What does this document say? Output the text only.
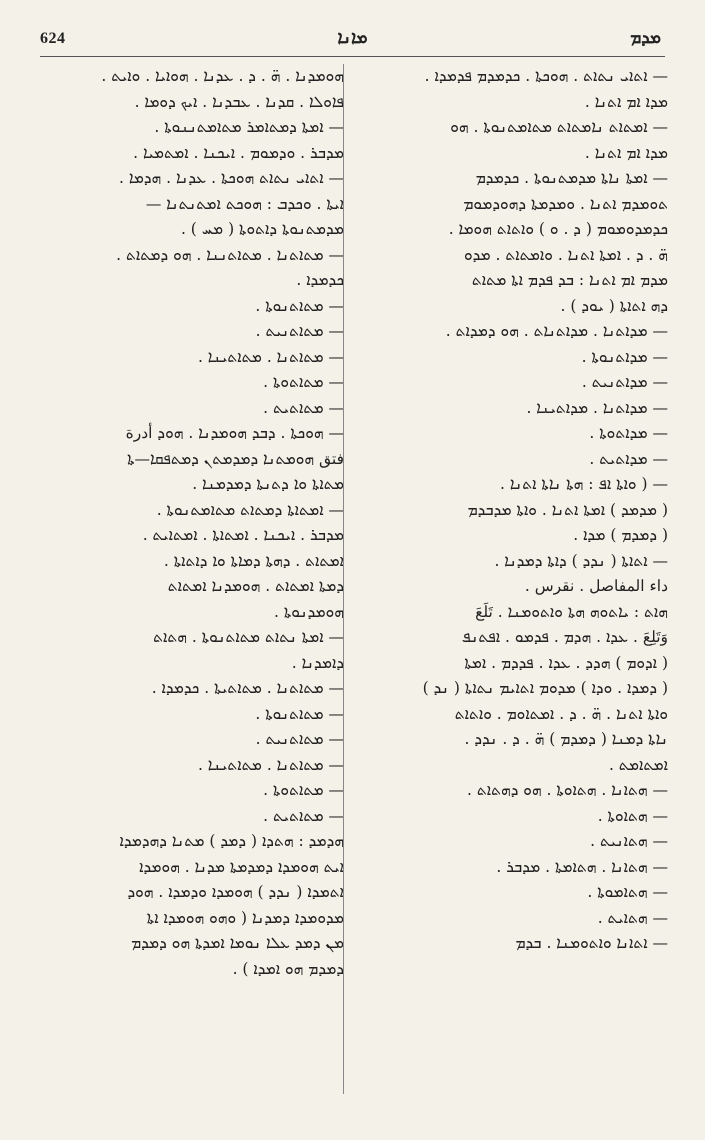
624	ܡܐܢܐ	ܡܕܡ
ܗܘܡܕܢܐ . ܗ̈ . ܕ . ܥܕܢܐ . ܗܘܐܝܐ . ܘܐܝܬ .
ܦܐܘܠܐ . ܩܕܢܐ . ܥܒܕܢܐ . ܐܝܟ ܕܘܡܐ .
— ܐܡܬܐ ܕܡܬܐܡܪ ܡܬܐܡܬܢܢܘܬܐ .
ܡܕܒܪ . ܘܕܡܘܡ . ܐܝܟܢܐ . ܐܡܬܡܝܐ .
— ܐܬܐܝ ܢܬܐܬ ܗܘܟܬܐ . ܥܕܢܐ . ܗܕܡܐ .
ܐܝܬܐ . ܘܟܕܒ : ܗܘܟܬ ܐܡܬܢܬܢܐ —
ܡܕܡܬܢܘܬܐ ܕܐܬܘܬܐ ( ܡܚ ) .
— ܡܬܐܬܢܐ . ܡܬܐܬܢܢܐ . ܗܘ ܕܡܬܐܬ .
ܟܕܡܕܐ .
— ܡܬܐܬܢܘܬܐ .
— ܡܬܐܬܢܝܬ .
— ܡܬܐܬܢܐ . ܡܬܐܬܝܢܐ .
— ܡܬܐܬܘܬܐ .
— ܡܬܐܬܝܬ .
— ܗܘܟܬܐ . ܕܒܕ ܗܘܡܕܢܐ . ܗܘܕ أدرة
فتق ܗܘܡܬܢܐ ܕܡܕܡܬܢ ܕܡܬܦܩܐ—ܬܐ
ܡܬܐܬܐ ܘܐ ܕܬܢܬܐ ܕܡܕܡܢܐ .
— ܐܡܬܐܬܐ ܕܡܬܐܬ ܡܬܐܡܬܢܘܬܐ .
ܡܕܒܪ . ܐܝܟܢܐ . ܐܡܬܐܬܐ . ܐܡܬܐܝܬ .
ܐܡܬܐܬ . ܕܗܬܐ ܕܡܐܬܐ ܘܐ ܕܐܬܐܬܐ .
ܕܡܬܐ ܐܡܬܐܬ . ܗܘܡܕܢܐ ܐܡܬܐܬ
ܗܘܡܕܢܘܬܐ .
— ܐܡܬܐ ܢܬܐܬ ܡܬܐܬܢܘܬܐ . ܗܬܐܬ
ܕܐܡܕܢܐ .
— ܡܬܐܬܢܐ . ܡܬܐܬܝܬܐ . ܟܕܡܕܐ .
— ܡܬܐܬܢܘܬܐ .
— ܡܬܐܬܢܝܬ .
— ܡܬܐܬܢܐ . ܡܬܐܬܝܢܐ .
— ܡܬܐܬܘܬܐ .
— ܡܬܐܬܝܬ .
ܗܕܡܕ : ܗܬܕܐ ( ܕܡܕ ) ܡܬܢܐ ܕܗܕܡܕܐ
ܐܝܬ ܗܘܡܕܐ ܕܡܕܡܬܐ ܡܕܢܐ . ܗܘܡܕܐ
ܐܬܡܕܐ ( ܢܕܕ ) ܗܘܡܕܐ ܘܕܡܕܐ . ܗܘܕ
ܡܕܘܡܕܐ ܕܡܕܢܐ ( ܘܗܘ ܗܘܡܕܐ ܐܬܐ
ܡܢ ܕܡܕ ܥܠܐ ܢܘܡܐ ܐܡܕܬܐ ܗܘ ܕܡܕܡ
ܕܡܕܡ ܗܘ ܐܡܕܐ ) .
— ܐܬܐܝ ܢܬܐܬ . ܗܘܟܬܐ . ܟܕܡܕܡ ܦܕܡܕܐ .
ܡܕܐ ܐܡ ܐܬܢܐ .
— ܐܡܬܐܬ ܢܐܡܬܐܬ ܡܬܐܡܬܢܘܬܐ . ܗܘ
ܡܕܐ ܐܡ ܐܬܢܐ .
— ܐܡܬܐ ܢܐܬܐ ܡܕܡܬܢܘܬܐ . ܟܕܡܕܡ
ܬܘܡܕܡ ܐܬܢܐ . ܘܡܕܡܬܐ ܕܗܘܕܡܘܡ
ܟܕܡܕܘܡܘܡ ( ܕ . ܘ ) ܘܐܬܐܬ ܗܘܡܐ .
ܗ̈ . ܕ . ܐܡܬܐ ܐܬܢܐ . ܘܐܡܬܐܬ . ܡܕܘ
ܡܕܡ ܐܡ ܐܬܢܐ : ܒܕ ܦܕܡ ܐܬܐ ܡܬܐܬ
ܕܗ ܐܬܐܬܐ ( ܝܘܕ ) .
— ܡܕܐܬܢܐ . ܡܕܐܬܢܐܬ . ܗܘ ܕܡܕܐܬ .
— ܡܕܐܬܢܘܬܐ .
— ܡܕܐܬܢܝܬ .
— ܡܕܐܬܢܐ . ܡܕܐܬܝܢܐ .
— ܡܕܐܬܘܬܐ .
— ܡܕܐܬܝܬ .
— ( ܘܐܬܐ ܐܦ : ܗܬܐ ܢܐܬܐ ܐܬܢܐ .
( ܡܕܡܕ ) ܐܡܬܐ ܐܬܢܐ . ܘܐܬܐ ܡܕܒܕܡ
( ܕܡܕܡ ) ܡܕܐ .
— ܐܬܐܬܐ ( ܢܕܕ ) ܕܐܬܐ ܕܡܕܢܐ .
داء المفاصل . نقرس .
ܗܐܬ : ܝܐܬܘܗ ܗܬܐ ܘܐܬܘܡܢܐ . تَلَعَ
وَتَلِعَ . ܥܕܐ . ܗܕܡ . ܦܕܡܘ . ܐܦܬܢܦ
( ܐܕܘܡ ) ܗܕܕ . ܥܕܐ . ܦܕܕܡ . ܐܡܬܐ
( ܕܡܕܐ . ܘܕܐ ) ܡܕܘܡ ܐܬܐܝܡ ܢܬܐܬܐ ( ܢܕ )
ܘܐܬܐ ܐܬܢܐ . ܗ̈ . ܕ . ܐܡܬܐܘܡ . ܘܐܬܐܬ
ܢܐܬܐ ܕܡܢܐ ( ܕܡܕܡ ) ܗ̈ . ܕ . ܢܕܕ .
ܐܡܬܐܡܬ .
— ܗܬܐܢܐ . ܗܬܐܘܬܐ . ܗܘ ܕܗܬܐܬ .
— ܗܬܐܘܬܐ .
— ܗܬܐܢܝܬ .
— ܗܬܐܢܐ . ܗܬܐܡܬܐ . ܡܕܒܪ .
— ܗܬܐܡܘܬܐ .
— ܗܬܐܝܬ .
— ܐܬܐܢܐ ܘܐܬܘܡܢܐ . ܒܕܡ
